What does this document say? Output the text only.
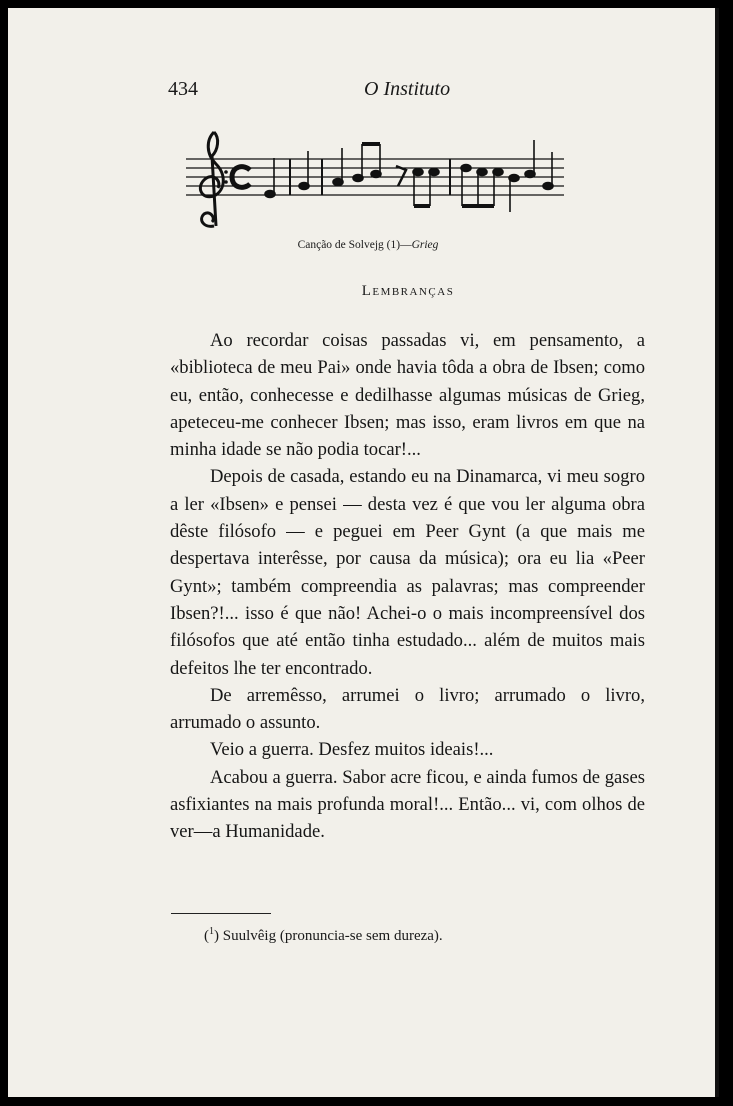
434	O Instituto
Canção de Solvejg (1)—Grieg
Lembranças

Ao recordar coisas passadas vi, em pensamento, a «biblioteca de meu Pai» onde havia tôda a obra de Ibsen; como eu, então, conhecesse e dedilhasse algumas músicas de Grieg, apeteceu-me conhecer Ibsen; mas isso, eram livros em que na minha idade se não podia tocar!...

Depois de casada, estando eu na Dinamarca, vi meu sogro a ler «Ibsen» e pensei — desta vez é que vou ler alguma obra dêste filósofo — e peguei em Peer Gynt (a que mais me despertava interêsse, por causa da música); ora eu lia «Peer Gynt»; também compreendia as palavras; mas compreender Ibsen?!... isso é que não! Achei-o o mais incompreensível dos filósofos que até então tinha estudado... além de muitos mais defeitos lhe ter encontrado.

De arremêsso, arrumei o livro; arrumado o livro, arrumado o assunto.

Veio a guerra. Desfez muitos ideais!...

Acabou a guerra. Sabor acre ficou, e ainda fumos de gases asfixiantes na mais profunda moral!... Então... vi, com olhos de ver—a Humanidade.

($^1$) Suulvêig (pronuncia-se sem dureza).
